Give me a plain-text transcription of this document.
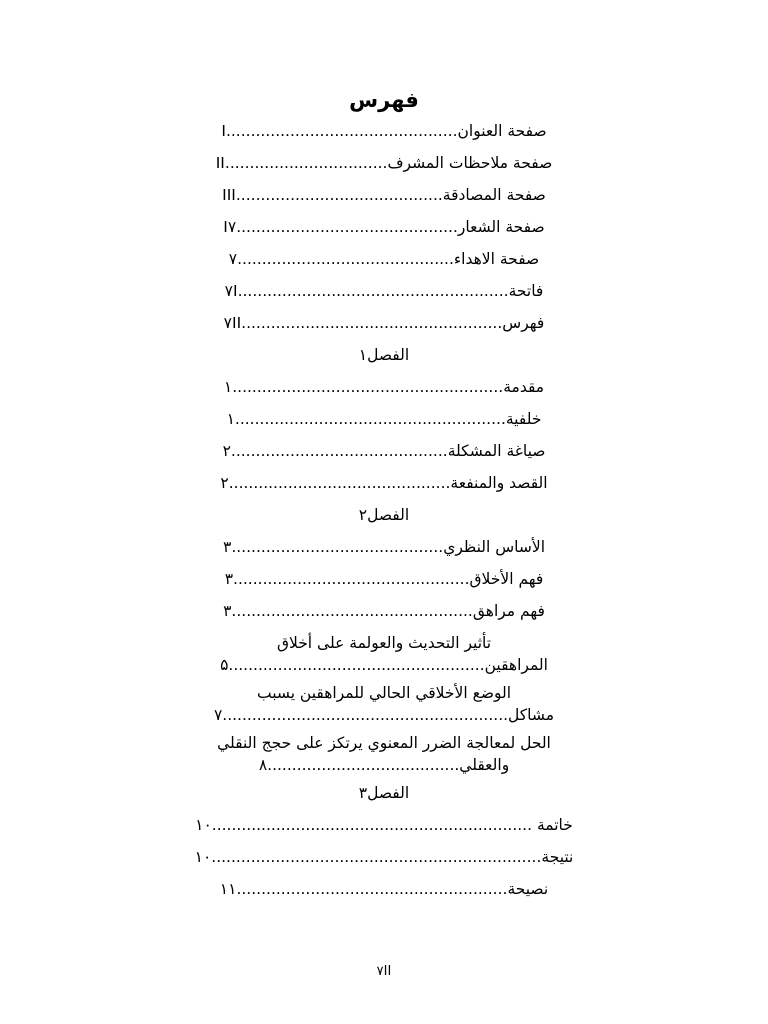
فهرس

صفحة العنوان...............................................I

صفحة ملاحظات المشرف.................................II

صفحة المصادقة..........................................III

صفحة الشعار.............................................I۷

صفحة الاهداء............................................۷

فاتحة.......................................................۷I

فهرس.....................................................۷II

الفصل۱

مقدمة.......................................................۱

خلفية.......................................................۱

صياغة المشكلة............................................۲

القصد والمنفعة.............................................۲

الفصل۲

الأساس النظري...........................................۳

فهم الأخلاق................................................۳

فهم مراهق.................................................۳

تأثير التحديث والعولمة على أخلاق المراهقين....................................................۵

الوضع الأخلاقي الحالي للمراهقين يسبب مشاكل..........................................................۷

الحل لمعالجة الضرر المعنوي يرتكز على حجج النقلي والعقلي.......................................۸

الفصل۳

خاتمة .................................................................۱۰

نتيجة...................................................................۱۰

نصيحة.......................................................۱۱

۷II
